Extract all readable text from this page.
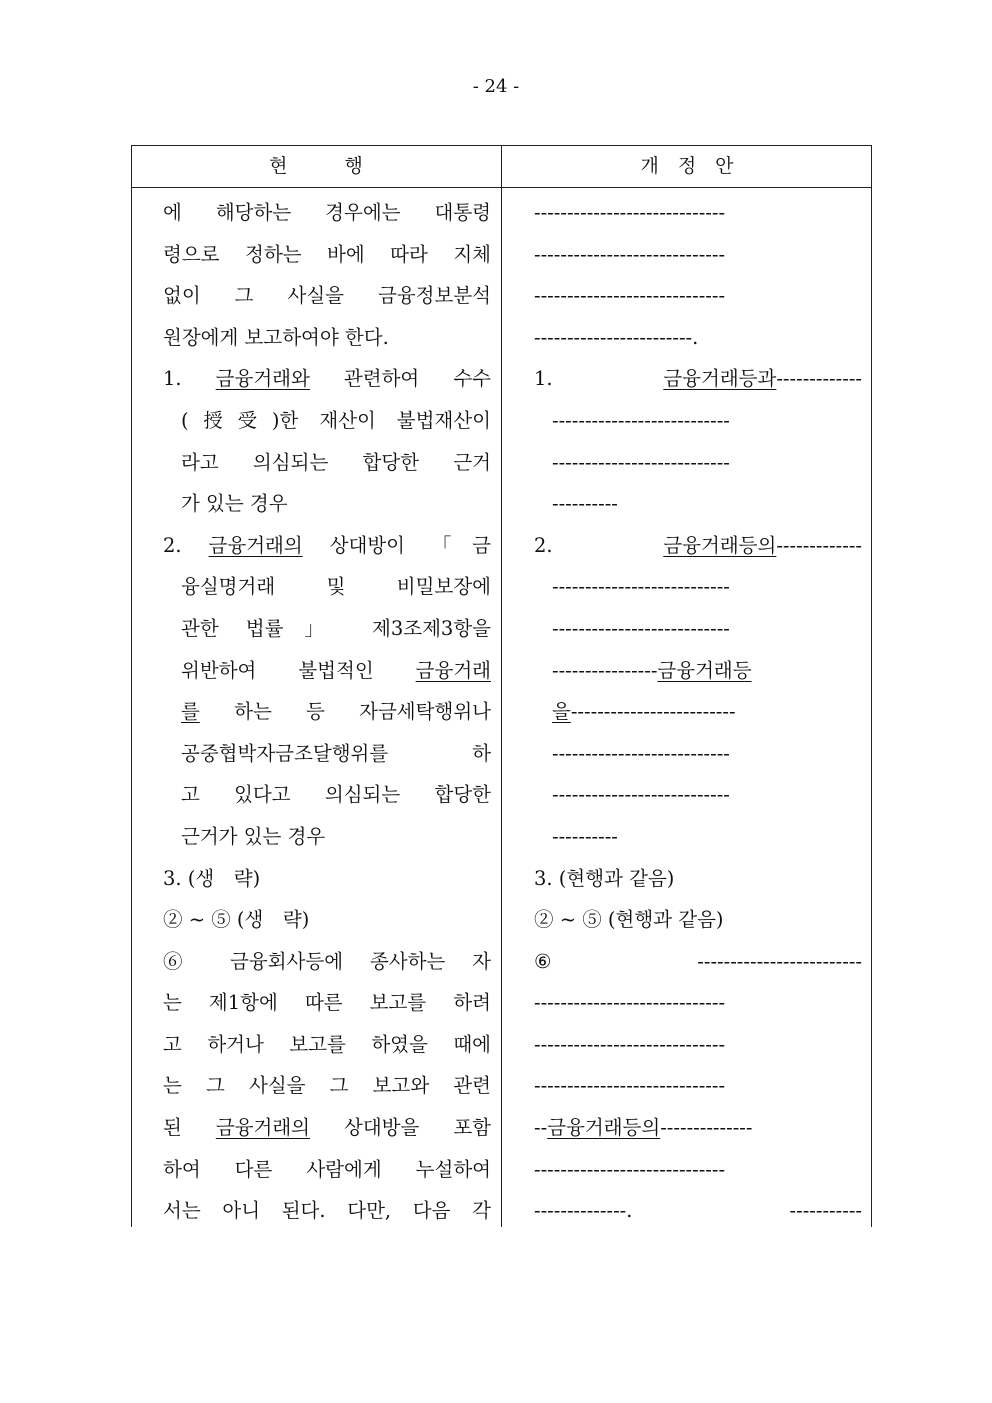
- 24 -
현　　　행	개　정　안
에 해당하는 경우에는 대통령
령으로 정하는 바에 따라 지체
없이 그 사실을 금융정보분석
원장에게 보고하여야 한다.
1. 금융거래와 관련하여 수수
(授受)한 재산이 불법재산이
라고 의심되는 합당한 근거
가 있는 경우
2. 금융거래의 상대방이 「금
융실명거래 및 비밀보장에
관한 법률」 제3조제3항을
위반하여 불법적인 금융거래
를 하는 등 자금세탁행위나
공중협박자금조달행위를 하
고 있다고 의심되는 합당한
근거가 있는 경우
3. (생　략)
② ~ ⑤ (생　략)
⑥ 금융회사등에 종사하는 자
는 제1항에 따른 보고를 하려
고 하거나 보고를 하였을 때에
는 그 사실을 그 보고와 관련
된 금융거래의 상대방을 포함
하여 다른 사람에게 누설하여
서는 아니 된다. 다만, 다음 각
-----------------------------
-----------------------------
-----------------------------
------------------------.
1. 금융거래등과-------------
---------------------------
---------------------------
----------
2. 금융거래등의-------------
---------------------------
---------------------------
----------------금융거래등
을-------------------------
---------------------------
---------------------------
----------
3. (현행과 같음)
② ~ ⑤ (현행과 같음)
⑥ -------------------------
-----------------------------
-----------------------------
-----------------------------
--금융거래등의--------------
-----------------------------
--------------. -----------
